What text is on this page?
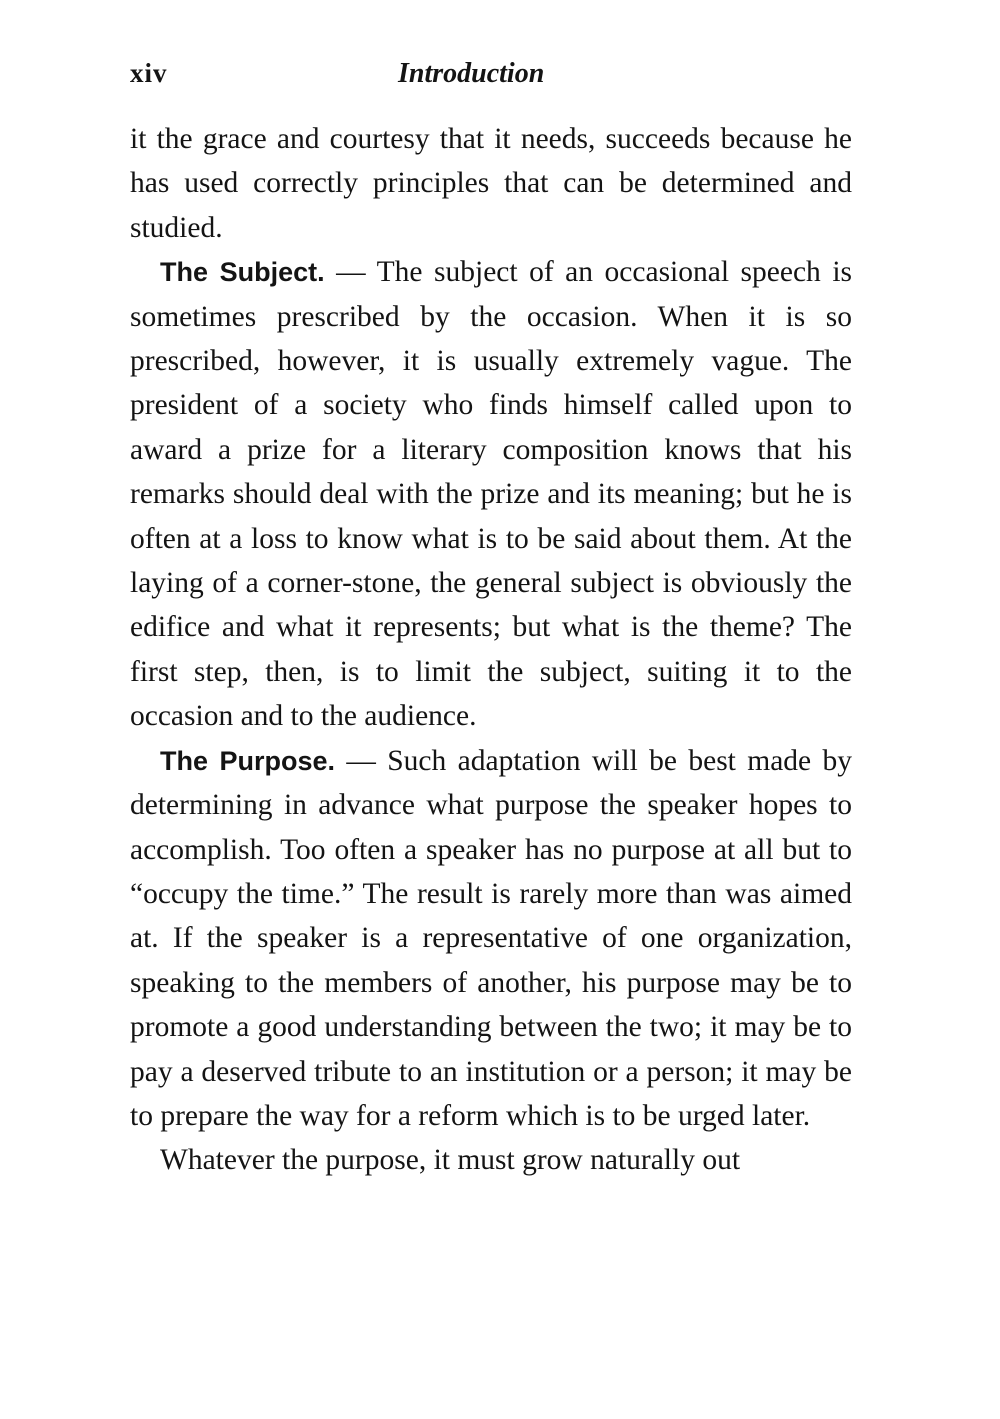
xiv	Introduction

it the grace and courtesy that it needs, succeeds because he has used correctly principles that can be determined and studied.

The Subject. — The subject of an occasional speech is sometimes prescribed by the occasion. When it is so prescribed, however, it is usually extremely vague. The president of a society who finds himself called upon to award a prize for a literary composition knows that his remarks should deal with the prize and its meaning; but he is often at a loss to know what is to be said about them. At the laying of a corner-stone, the general subject is obviously the edifice and what it represents; but what is the theme? The first step, then, is to limit the subject, suiting it to the occasion and to the audience.

The Purpose. — Such adaptation will be best made by determining in advance what purpose the speaker hopes to accomplish. Too often a speaker has no purpose at all but to “occupy the time.” The result is rarely more than was aimed at. If the speaker is a representative of one organization, speaking to the members of another, his purpose may be to promote a good understanding between the two; it may be to pay a deserved tribute to an institution or a person; it may be to prepare the way for a reform which is to be urged later.

Whatever the purpose, it must grow naturally out
